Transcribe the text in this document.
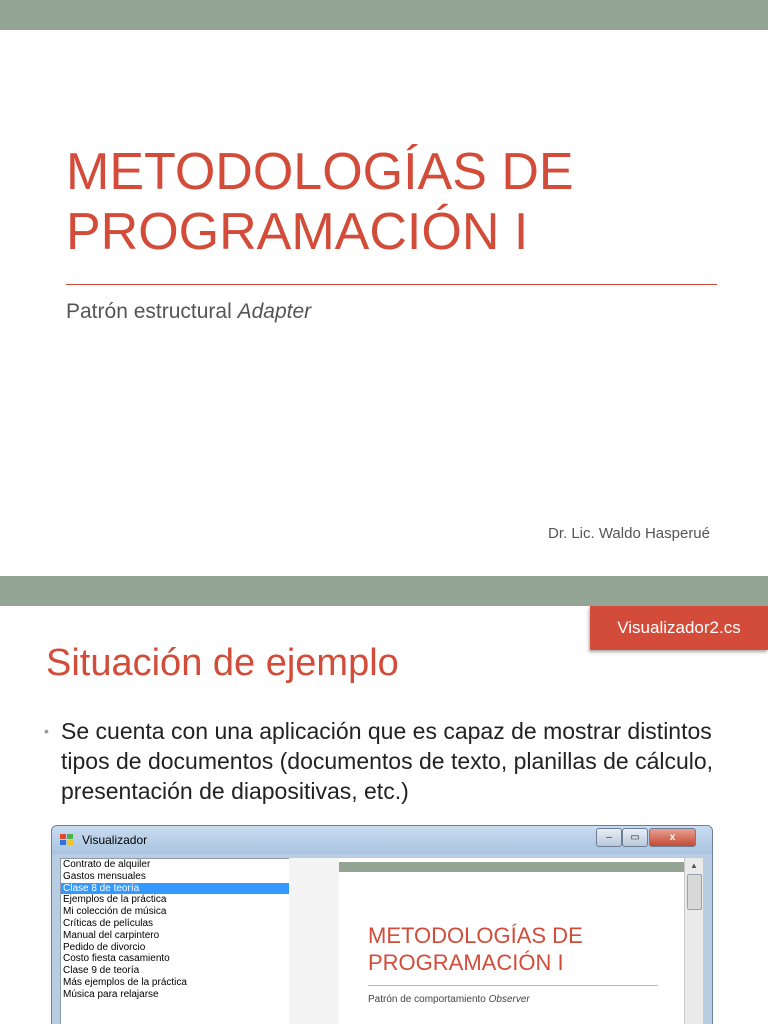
METODOLOGÍAS DE
PROGRAMACIÓN I

Patrón estructural Adapter

Dr. Lic. Waldo Hasperué
Visualizador2.cs
Situación de ejemplo
• Se cuenta con una aplicación que es capaz de mostrar distintos tipos de documentos (documentos de texto, planillas de cálculo, presentación de diapositivas, etc.)
Visualizador	‒	▭	x
Contrato de alquiler
Gastos mensuales
Clase 8 de teoría
Ejemplos de la práctica
Mi colección de música
Críticas de películas
Manual del carpintero
Pedido de divorcio
Costo fiesta casamiento
Clase 9 de teoría
Más ejemplos de la práctica
Música para relajarse
METODOLOGÍAS DE
PROGRAMACIÓN I
Patrón de comportamiento Observer
▲
